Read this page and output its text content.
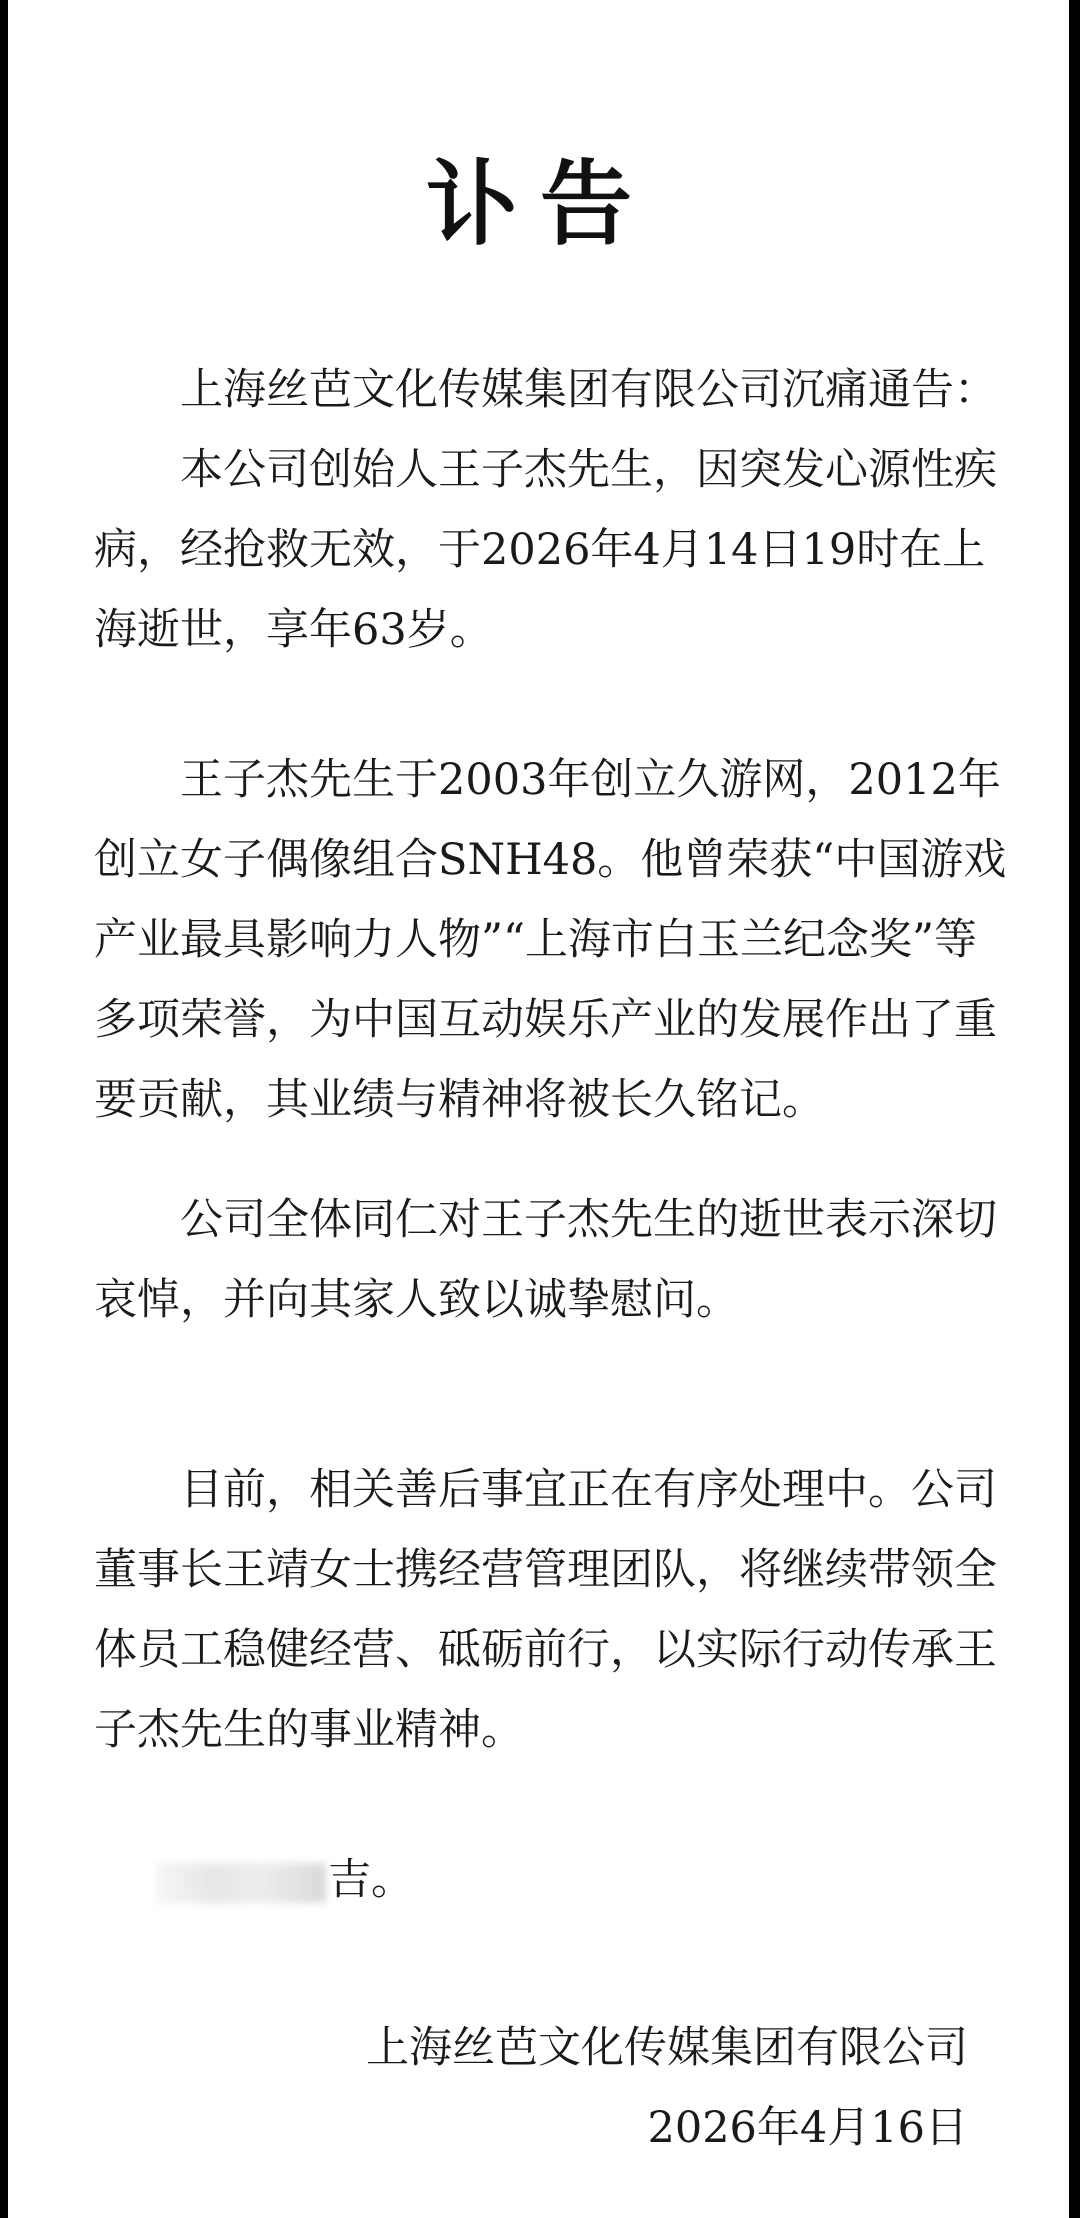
讣告

上海丝芭文化传媒集团有限公司沉痛通告：

本公司创始人王子杰先生，因突发心源性疾病，经抢救无效，于2026年4月14日19时在上海逝世，享年63岁。

王子杰先生于2003年创立久游网，2012年创立女子偶像组合SNH48。他曾荣获“中国游戏产业最具影响力人物”“上海市白玉兰纪念奖”等多项荣誉，为中国互动娱乐产业的发展作出了重要贡献，其业绩与精神将被长久铭记。

公司全体同仁对王子杰先生的逝世表示深切哀悼，并向其家人致以诚挚慰问。

目前，相关善后事宜正在有序处理中。公司董事长王靖女士携经营管理团队，将继续带领全体员工稳健经营、砥砺前行，以实际行动传承王子杰先生的事业精神。

吉。
上海丝芭文化传媒集团有限公司
2026年4月16日
